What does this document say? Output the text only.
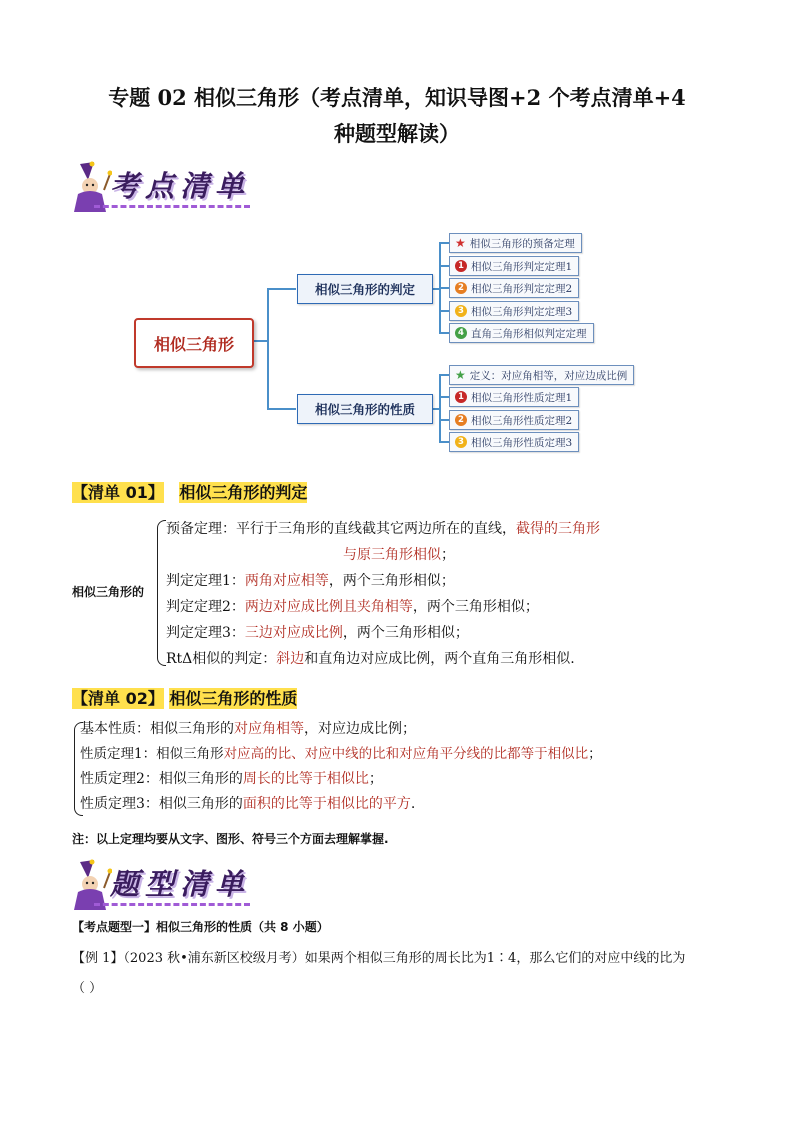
专题 02 相似三角形（考点清单，知识导图+2 个考点清单+4
种题型解读）
考点清单
相似三角形
相似三角形的判定
相似三角形的性质
★ 相似三角形的预备定理
1 相似三角形判定定理1
2 相似三角形判定定理2
3 相似三角形判定定理3
4 直角三角形相似判定定理
★ 定义：对应角相等，对应边成比例
1 相似三角形性质定理1
2 相似三角形性质定理2
3 相似三角形性质定理3
【清单 01】 相似三角形的判定
相似三角形的
预备定理：平行于三角形的直线截其它两边所在的直线，截得的三角形
与原三角形相似；
判定定理1：两角对应相等，两个三角形相似；
判定定理2：两边对应成比例且夹角相等，两个三角形相似；
判定定理3：三边对应成比例，两个三角形相似；
RtΔ相似的判定：斜边和直角边对应成比例，两个直角三角形相似.
【清单 02】 相似三角形的性质
基本性质：相似三角形的对应角相等，对应边成比例；
性质定理1：相似三角形对应高的比、对应中线的比和对应角平分线的比都等于相似比；
性质定理2：相似三角形的周长的比等于相似比；
性质定理3：相似三角形的面积的比等于相似比的平方.
注：以上定理均要从文字、图形、符号三个方面去理解掌握.
题型清单
【考点题型一】相似三角形的性质（共 8 小题）
【例 1】（2023 秋•浦东新区校级月考）如果两个相似三角形的周长比为1∶4，那么它们的对应中线的比为
（ ）
